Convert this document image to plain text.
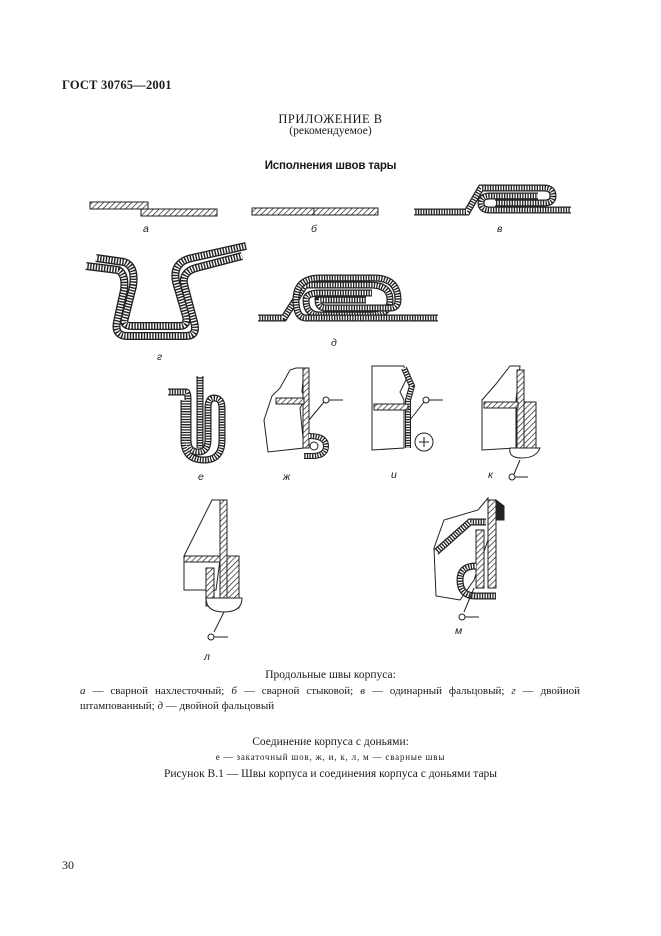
ГОСТ 30765—2001
ПРИЛОЖЕНИЕ В
(рекомендуемое)
Исполнения швов тары
а	б	в
г
д
е	ж	и	к
л
м
Продольные швы корпуса:
а — сварной нахлесточный; б — сварной стыковой; в — одинарный фальцовый; г — двойной штампованный; д — двойной фальцовый
Соединение корпуса с доньями:
е — закаточный шов, ж, и, к, л, м — сварные швы
Рисунок В.1 — Швы корпуса и соединения корпуса с доньями тары
30
